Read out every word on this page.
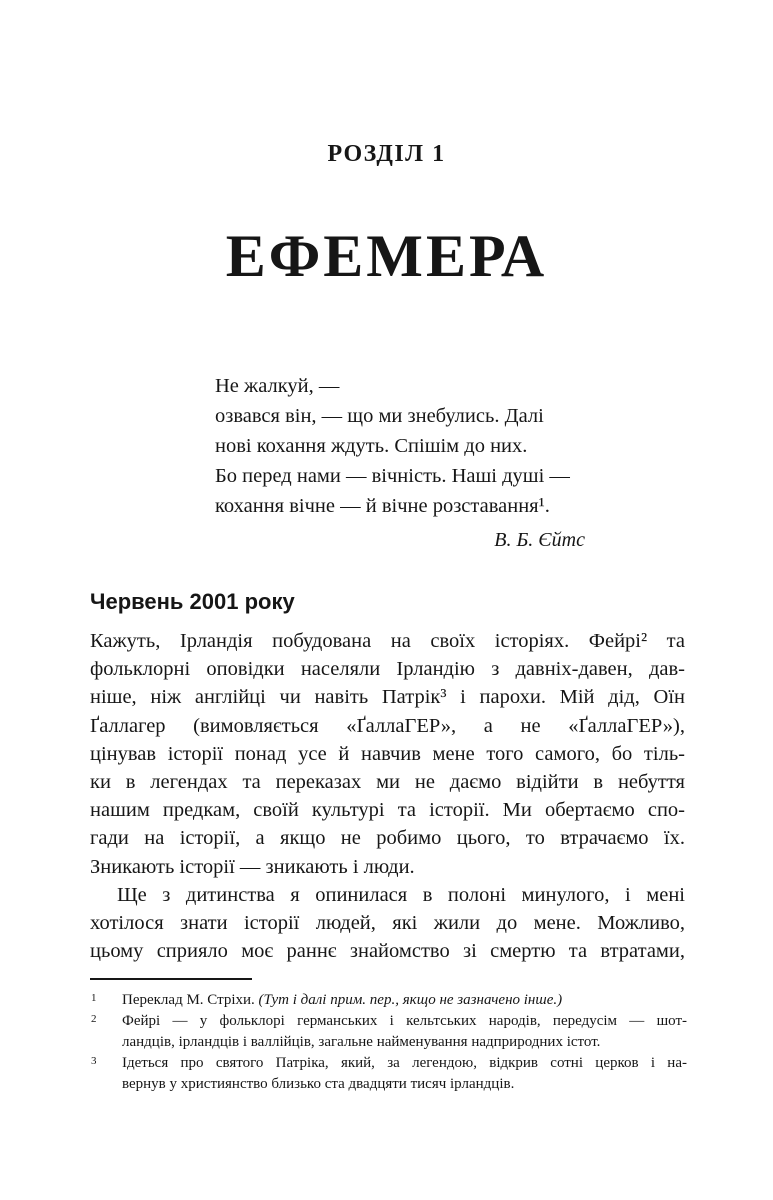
РОЗДІЛ 1
ЕФЕМЕРА
Не жалкуй, —
озвався він, — що ми знебулись. Далі
нові кохання ждуть. Спішім до них.
Бо перед нами — вічність. Наші душі —
кохання вічне — й вічне розставання¹.
В. Б. Єйтс
Червень 2001 року
Кажуть, Ірландія побудована на своїх історіях. Фейрі² та
фольклорні оповідки населяли Ірландію з давніх-давен, дав-
ніше, ніж англійці чи навіть Патрік³ і парохи. Мій дід, Оїн
Ґаллагер (вимовляється «ҐаллаГЕР», а не «ҐаллаГЕР»),
цінував історії понад усе й навчив мене того самого, бо тіль-
ки в легендах та переказах ми не даємо відійти в небуття
нашим предкам, своїй культурі та історії. Ми обертаємо спо-
гади на історії, а якщо не робимо цього, то втрачаємо їх.
Зникають історії — зникають і люди.
Ще з дитинства я опинилася в полоні минулого, і мені
хотілося знати історії людей, які жили до мене. Можливо,
цьому сприяло моє раннє знайомство зі смертю та втратами,
1 Переклад М. Стріхи. (Тут і далі прим. пер., якщо не зазначено інше.)
2 Фейрі — у фольклорі германських і кельтських народів, передусім — шот-
ландців, ірландців і валлійців, загальне найменування надприродних істот.
3 Ідеться про святого Патріка, який, за легендою, відкрив сотні церков і на-
вернув у християнство близько ста двадцяти тисяч ірландців.
